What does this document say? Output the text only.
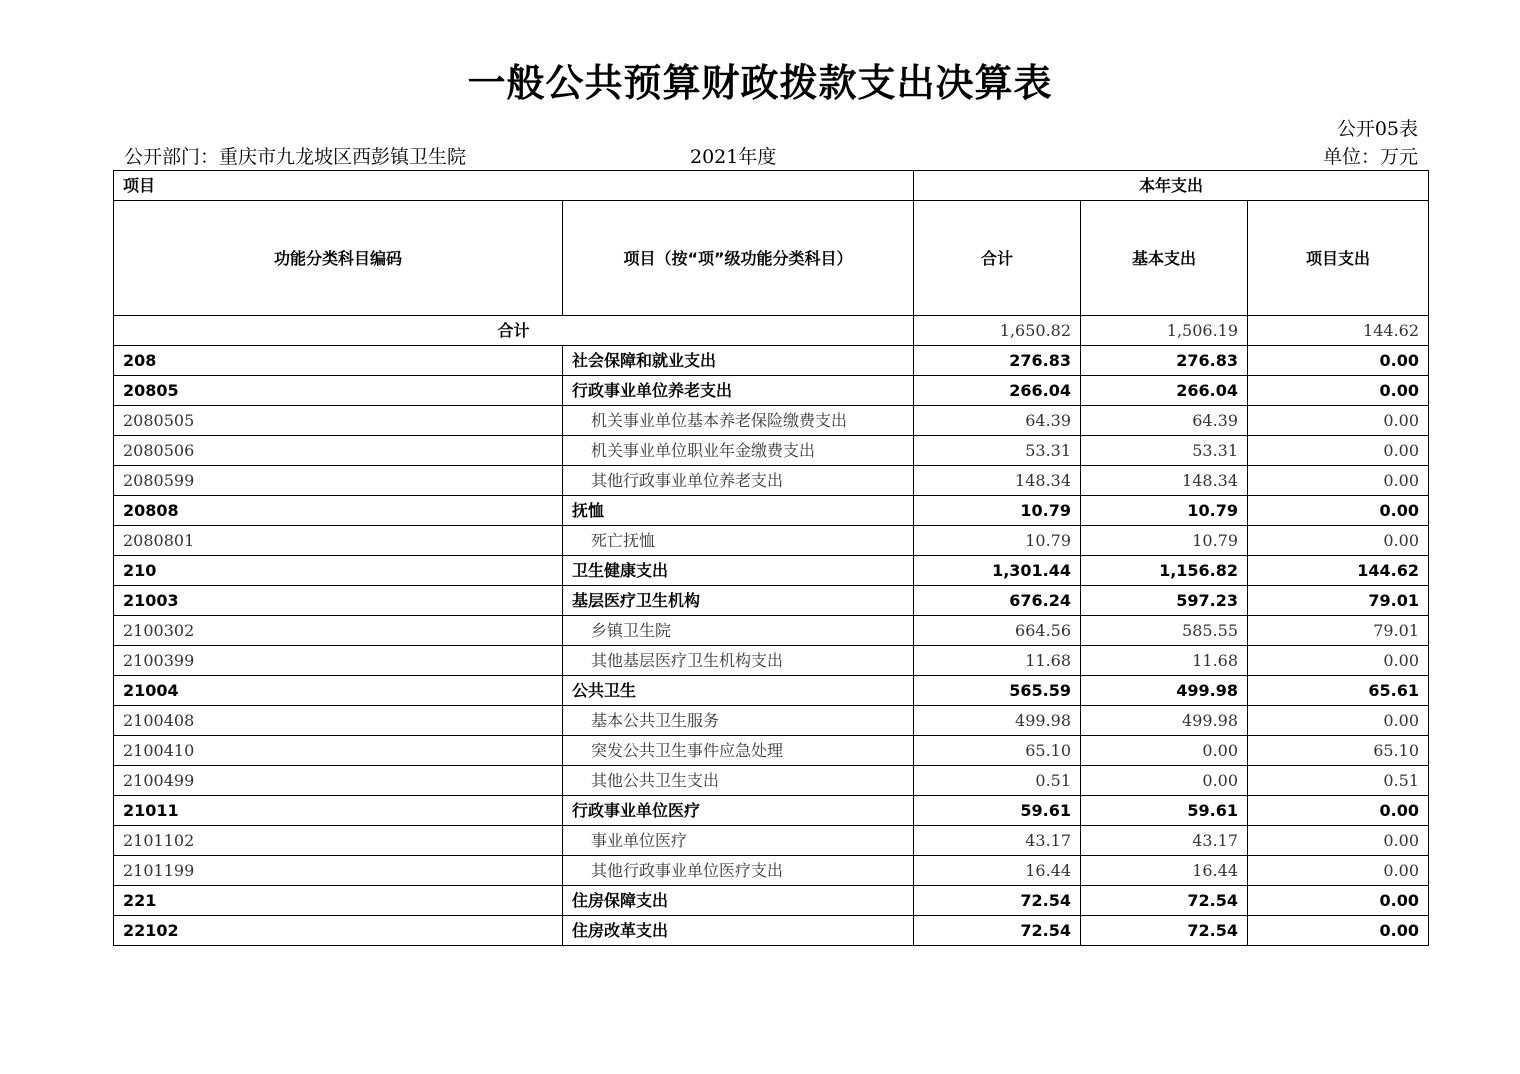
一般公共预算财政拨款支出决算表
公开05表
公开部门：重庆市九龙坡区西彭镇卫生院	2021年度	单位：万元
项目		本年支出		
功能分类科目编码	项目（按“项”级功能分类科目）	合计	基本支出	项目支出
合计		1,650.82	1,506.19	144.62
208	社会保障和就业支出	276.83	276.83	0.00
20805	行政事业单位养老支出	266.04	266.04	0.00
2080505	机关事业单位基本养老保险缴费支出	64.39	64.39	0.00
2080506	机关事业单位职业年金缴费支出	53.31	53.31	0.00
2080599	其他行政事业单位养老支出	148.34	148.34	0.00
20808	抚恤	10.79	10.79	0.00
2080801	死亡抚恤	10.79	10.79	0.00
210	卫生健康支出	1,301.44	1,156.82	144.62
21003	基层医疗卫生机构	676.24	597.23	79.01
2100302	乡镇卫生院	664.56	585.55	79.01
2100399	其他基层医疗卫生机构支出	11.68	11.68	0.00
21004	公共卫生	565.59	499.98	65.61
2100408	基本公共卫生服务	499.98	499.98	0.00
2100410	突发公共卫生事件应急处理	65.10	0.00	65.10
2100499	其他公共卫生支出	0.51	0.00	0.51
21011	行政事业单位医疗	59.61	59.61	0.00
2101102	事业单位医疗	43.17	43.17	0.00
2101199	其他行政事业单位医疗支出	16.44	16.44	0.00
221	住房保障支出	72.54	72.54	0.00
22102	住房改革支出	72.54	72.54	0.00
